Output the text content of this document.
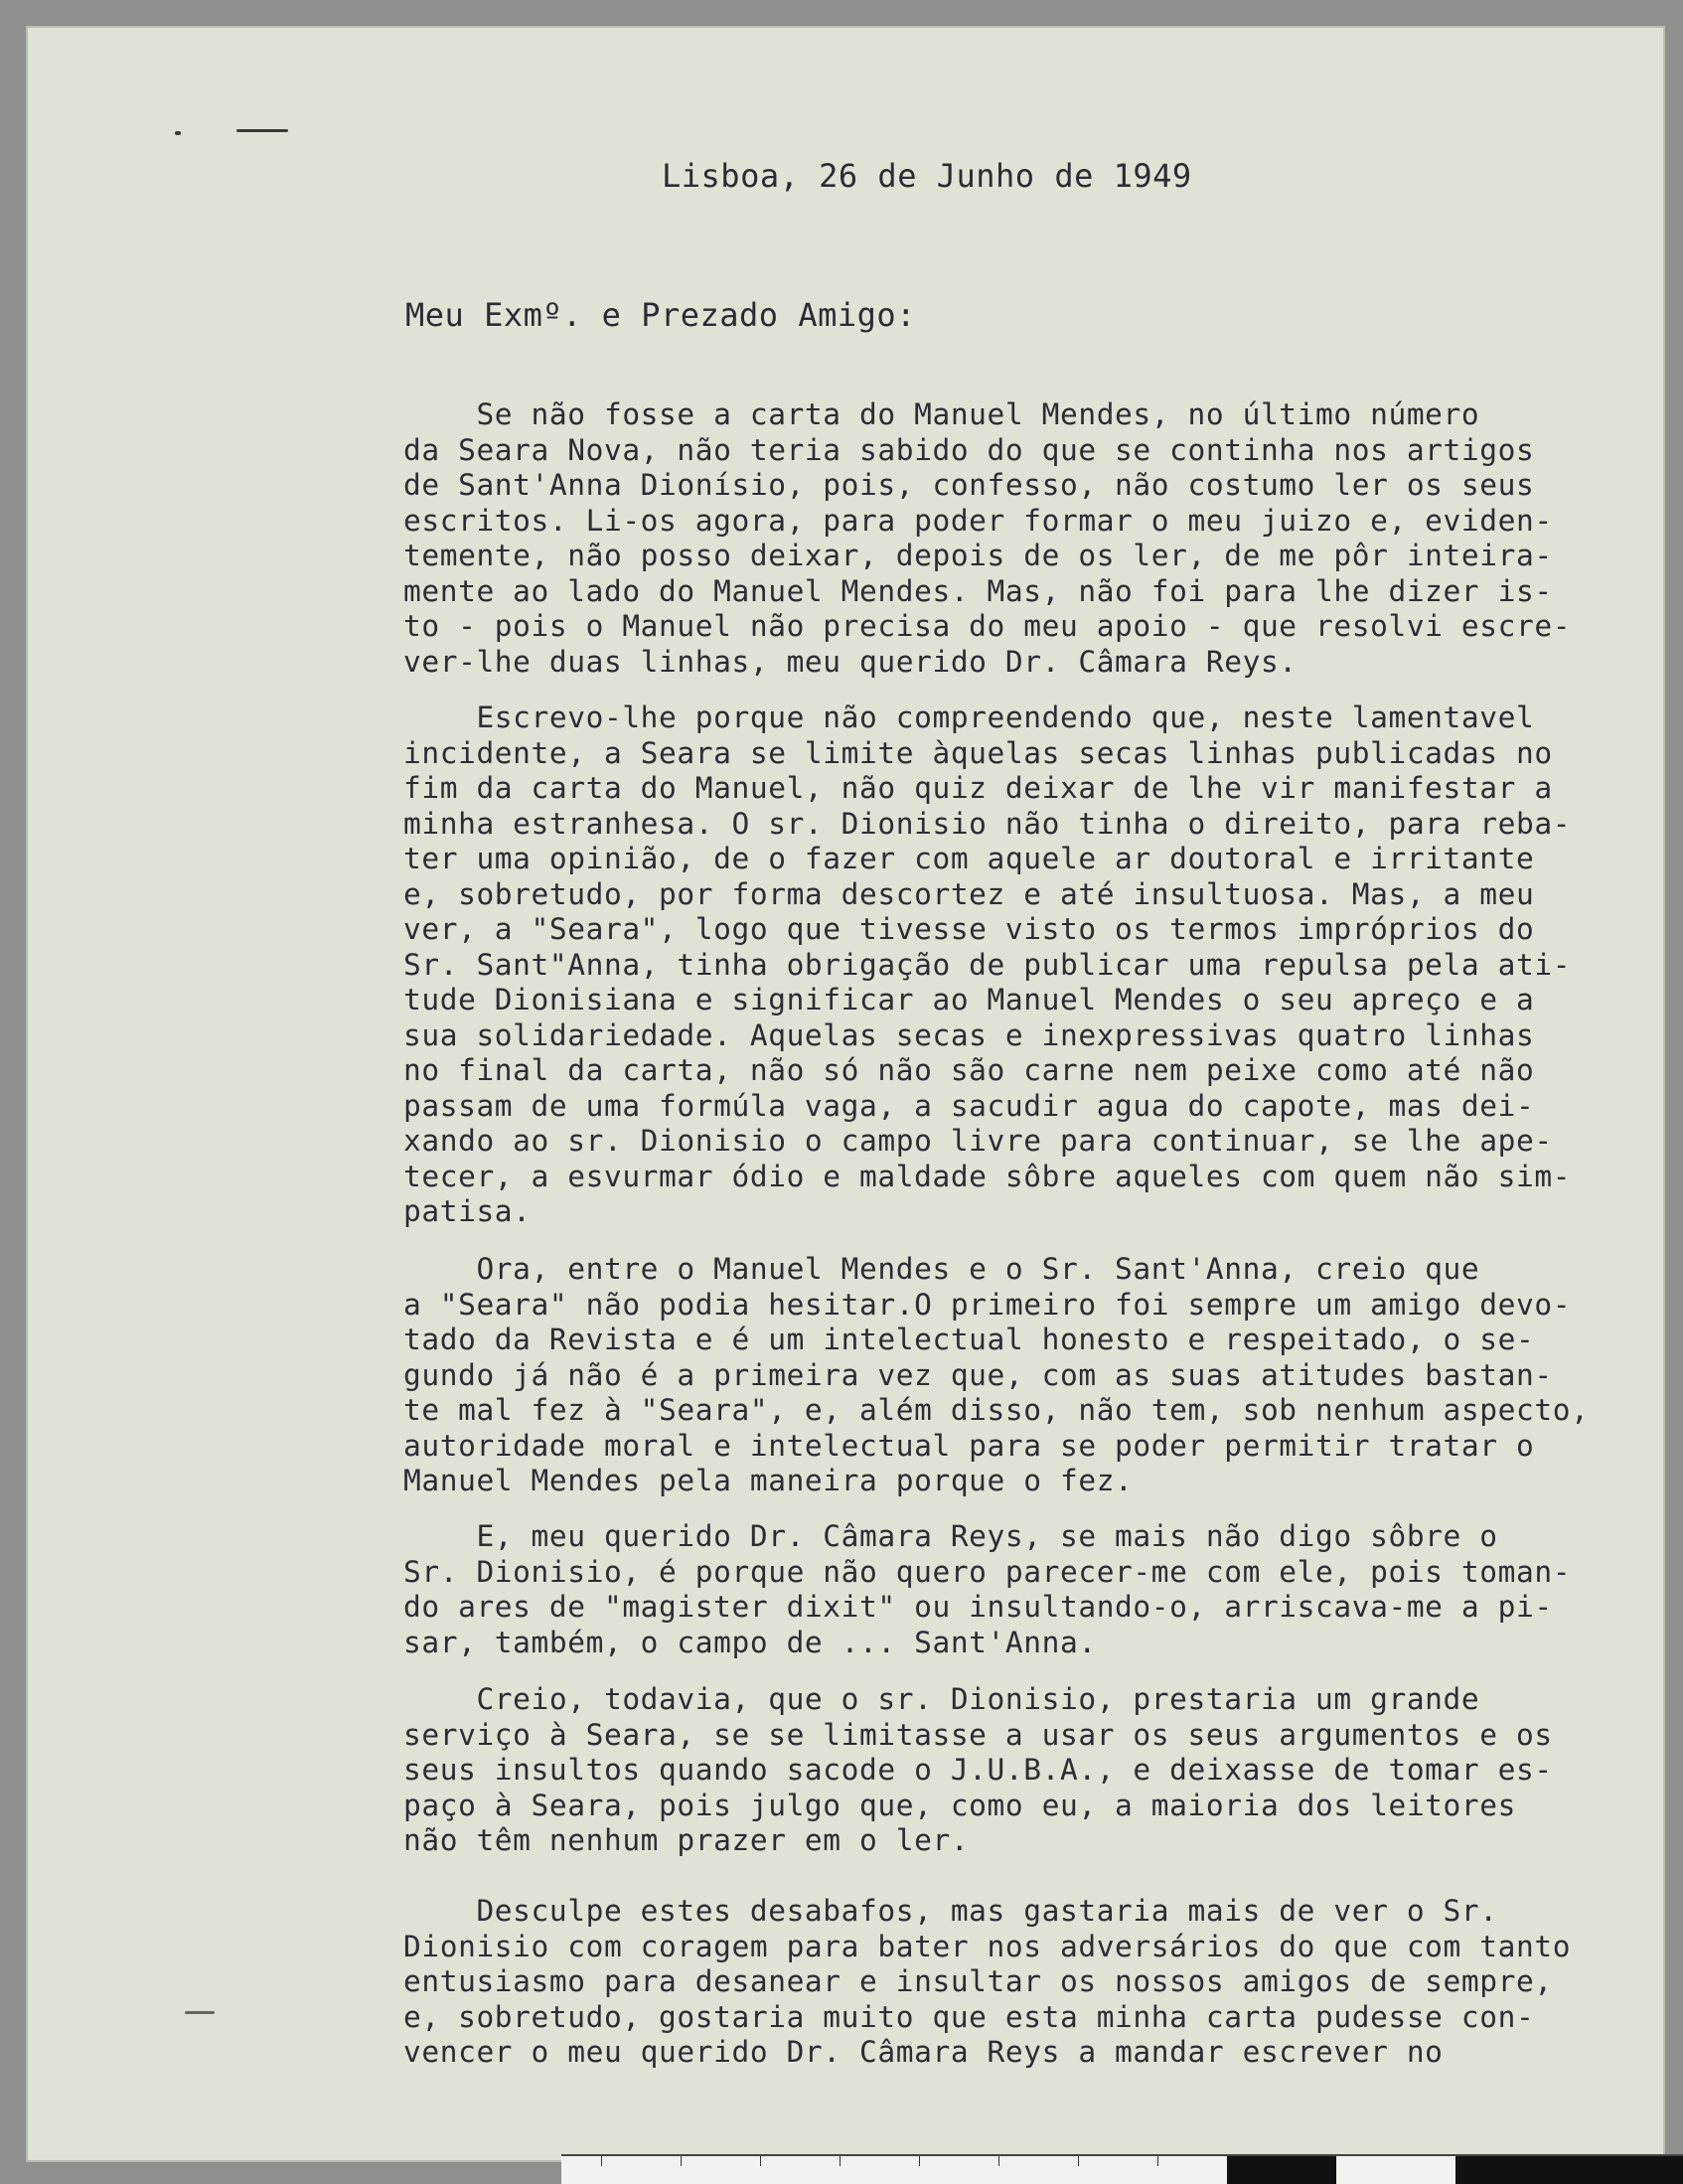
Lisboa, 26 de Junho de 1949
Meu Exmº. e Prezado Amigo:
Se não fosse a carta do Manuel Mendes, no último número
da Seara Nova, não teria sabido do que se continha nos artigos
de Sant'Anna Dionísio, pois, confesso, não costumo ler os seus
escritos. Li-os agora, para poder formar o meu juizo e, eviden-
temente, não posso deixar, depois de os ler, de me pôr inteira-
mente ao lado do Manuel Mendes. Mas, não foi para lhe dizer is-
to - pois o Manuel não precisa do meu apoio - que resolvi escre-
ver-lhe duas linhas, meu querido Dr. Câmara Reys.
Escrevo-lhe porque não compreendendo que, neste lamentavel
incidente, a Seara se limite àquelas secas linhas publicadas no
fim da carta do Manuel, não quiz deixar de lhe vir manifestar a
minha estranhesa. O sr. Dionisio não tinha o direito, para reba-
ter uma opinião, de o fazer com aquele ar doutoral e irritante
e, sobretudo, por forma descortez e até insultuosa. Mas, a meu
ver, a "Seara", logo que tivesse visto os termos impróprios do
Sr. Sant"Anna, tinha obrigação de publicar uma repulsa pela ati-
tude Dionisiana e significar ao Manuel Mendes o seu apreço e a
sua solidariedade. Aquelas secas e inexpressivas quatro linhas
no final da carta, não só não são carne nem peixe como até não
passam de uma formúla vaga, a sacudir agua do capote, mas dei-
xando ao sr. Dionisio o campo livre para continuar, se lhe ape-
tecer, a esvurmar ódio e maldade sôbre aqueles com quem não sim-
patisa.
Ora, entre o Manuel Mendes e o Sr. Sant'Anna, creio que
a "Seara" não podia hesitar.O primeiro foi sempre um amigo devo-
tado da Revista e é um intelectual honesto e respeitado, o se-
gundo já não é a primeira vez que, com as suas atitudes bastan-
te mal fez à "Seara", e, além disso, não tem, sob nenhum aspecto,
autoridade moral e intelectual para se poder permitir tratar o
Manuel Mendes pela maneira porque o fez.
E, meu querido Dr. Câmara Reys, se mais não digo sôbre o
Sr. Dionisio, é porque não quero parecer-me com ele, pois toman-
do ares de "magister dixit" ou insultando-o, arriscava-me a pi-
sar, também, o campo de ... Sant'Anna.
Creio, todavia, que o sr. Dionisio, prestaria um grande
serviço à Seara, se se limitasse a usar os seus argumentos e os
seus insultos quando sacode o J.U.B.A., e deixasse de tomar es-
paço à Seara, pois julgo que, como eu, a maioria dos leitores
não têm nenhum prazer em o ler.
Desculpe estes desabafos, mas gastaria mais de ver o Sr.
Dionisio com coragem para bater nos adversários do que com tanto
entusiasmo para desanear e insultar os nossos amigos de sempre,
e, sobretudo, gostaria muito que esta minha carta pudesse con-
vencer o meu querido Dr. Câmara Reys a mandar escrever no
